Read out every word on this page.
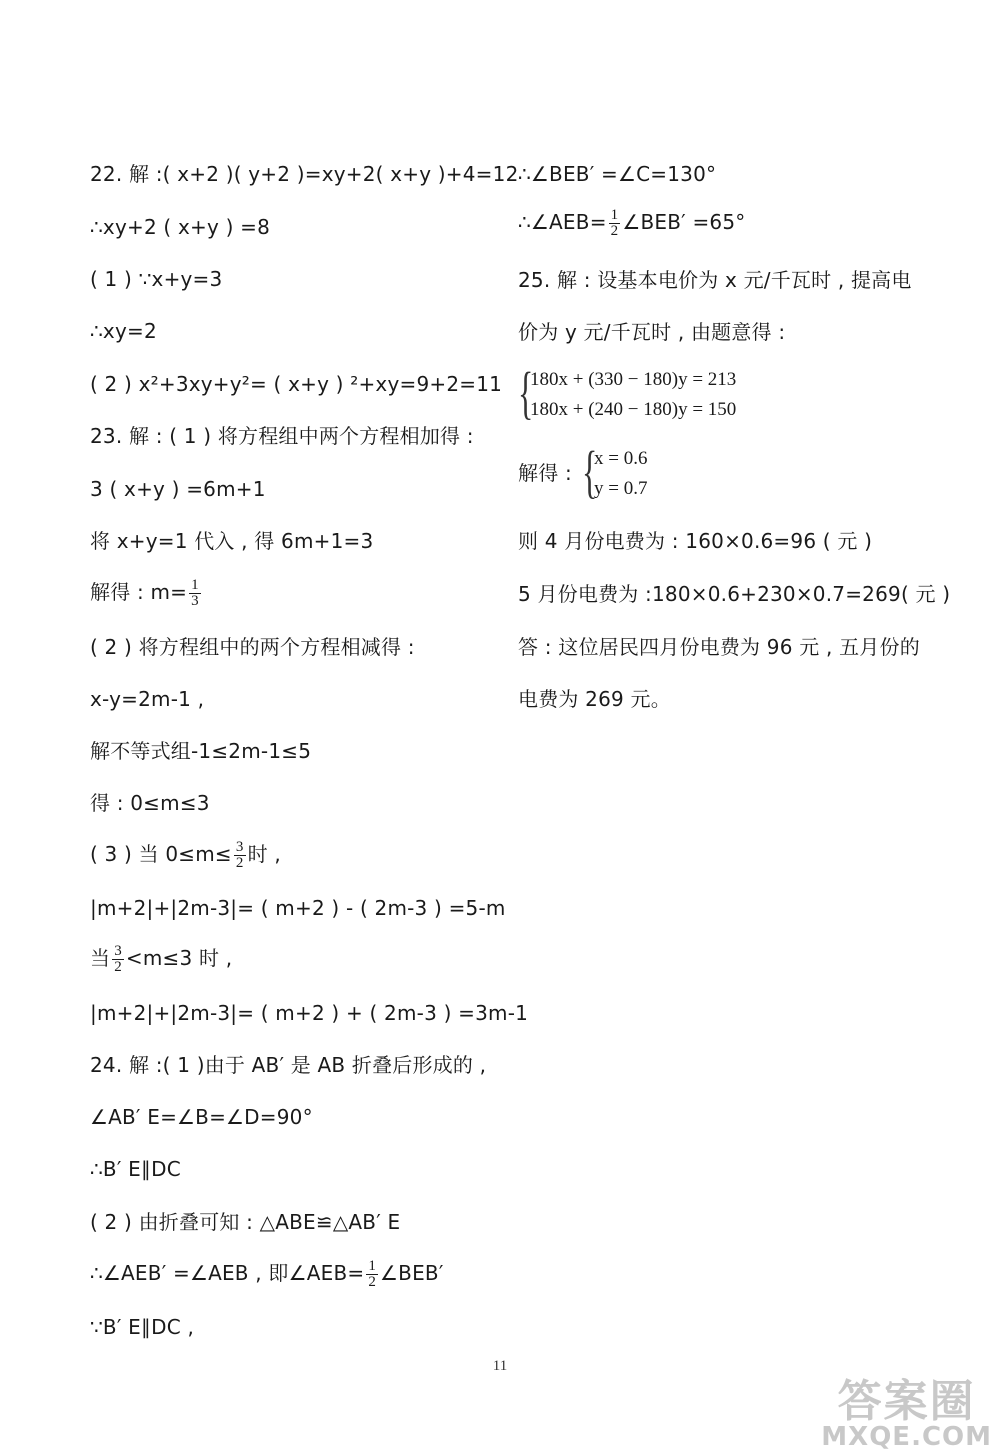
22. 解 :( x+2 )( y+2 )=xy+2( x+y )+4=12
∴xy+2 ( x+y ) =8
( 1 ) ∵x+y=3
∴xy=2
( 2 ) x²+3xy+y²= ( x+y ) ²+xy=9+2=11
23. 解 : ( 1 ) 将方程组中两个方程相加得 :
3 ( x+y ) =6m+1
将 x+y=1 代入 , 得 6m+1=3
解得 : $m= \frac{1}{3}$
( 2 ) 将方程组中的两个方程相减得 :
x-y=2m-1 ,
解不等式组-1≤2m-1≤5
得 : 0≤m≤3
( 3 ) 当 $0\le m\le \frac{3}{2}$ 时 ,
|m+2|+|2m-3|= ( m+2 ) - ( 2m-3 ) =5-m
当 $\frac{3}{2} <m\le 3$ 时 ,
|m+2|+|2m-3|= ( m+2 ) + ( 2m-3 ) =3m-1
24. 解 :( 1 )由于 AB′ 是 AB 折叠后形成的 ,
∠AB′ E=∠B=∠D=90°
∴B′ E∥DC
( 2 ) 由折叠可知 : △ABE≌△AB′ E
∴∠AEB′ =∠AEB , 即∠AEB= $\frac{1}{2}$ ∠BEB′
∵B′ E∥DC ,
∴∠BEB′ =∠C=130°
∴∠AEB= $\frac{1}{2}$ ∠BEB′ =65°
25. 解 : 设基本电价为 x 元/千瓦时 , 提高电
价为 y 元/千瓦时 , 由题意得 :
{
180x + (330 − 180)y = 213
180x + (240 − 180)y = 150
解得 : {
x = 0.6
y = 0.7
则 4 月份电费为 : 160×0.6=96 ( 元 )
5 月份电费为 :180×0.6+230×0.7=269( 元 )
答 : 这位居民四月份电费为 96 元 , 五月份的
电费为 269 元。
11
答案圈
MXQE.COM
